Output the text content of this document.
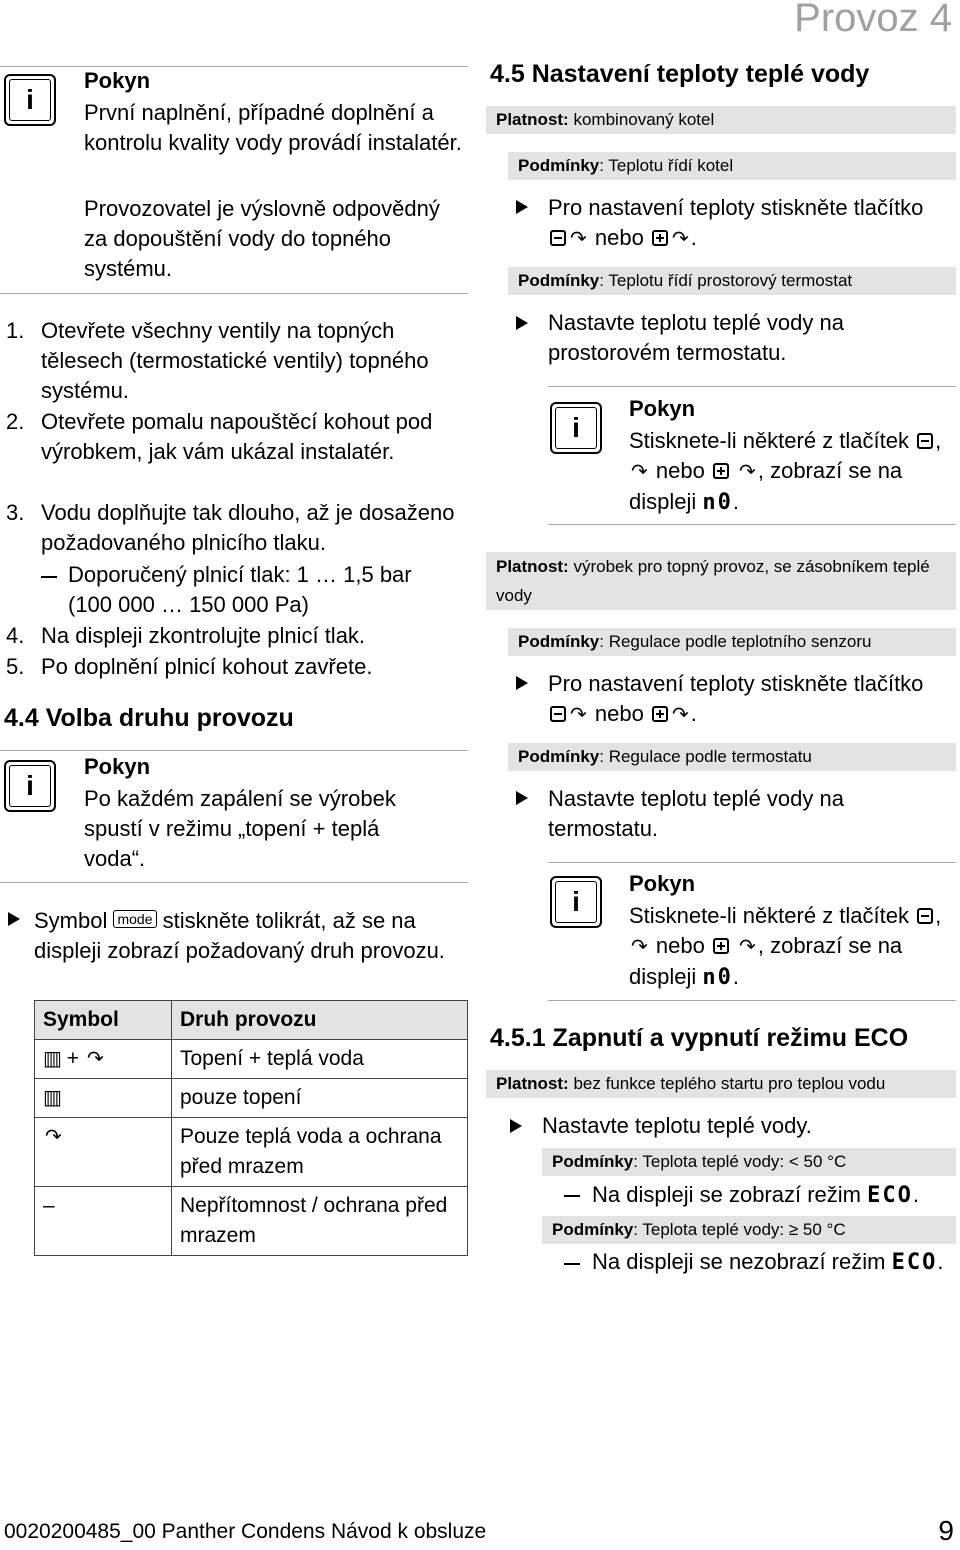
Provoz 4
i
Pokyn
První naplnění, případné doplnění a kontrolu kvality vody provádí instalatér.
Provozovatel je výslovně odpovědný za dopouštění vody do topného systému.
1. Otevřete všechny ventily na topných tělesech (termostatické ventily) topného systému.
2. Otevřete pomalu napouštěcí kohout pod výrobkem, jak vám ukázal instalatér.
3. Vodu doplňujte tak dlouho, až je dosaženo požadovaného plnicího tlaku.
Doporučený plnicí tlak: 1 … 1,5 bar (100 000 … 150 000 Pa)
4. Na displeji zkontrolujte plnicí tlak.
5. Po doplnění plnicí kohout zavřete.
4.4 Volba druhu provozu
i
Pokyn
Po každém zapálení se výrobek spustí v režimu „topení + teplá voda“.
Symbol mode stiskněte tolikrát, až se na displeji zobrazí požadovaný druh provozu.
Symbol	Druh provozu
▥ + ↶	Topení + teplá voda
▥	pouze topení
↶	Pouze teplá voda a ochrana před mrazem
–	Nepřítomnost / ochrana před mrazem
4.5 Nastavení teploty teplé vody
Platnost: kombinovaný kotel
Podmínky: Teplotu řídí kotel
Pro nastavení teploty stiskněte tlačítko ↶ nebo ↶.
Podmínky: Teplotu řídí prostorový termostat
Nastavte teplotu teplé vody na prostorovém termostatu.
i
Pokyn
Stisknete-li některé z tlačítek , ↶ nebo ↶, zobrazí se na displeji n0.
Platnost: výrobek pro topný provoz, se zásobníkem teplé vody
Podmínky: Regulace podle teplotního senzoru
Pro nastavení teploty stiskněte tlačítko ↶ nebo ↶.
Podmínky: Regulace podle termostatu
Nastavte teplotu teplé vody na termostatu.
i
Pokyn
Stisknete-li některé z tlačítek , ↶ nebo ↶, zobrazí se na displeji n0.
4.5.1 Zapnutí a vypnutí režimu ECO
Platnost: bez funkce teplého startu pro teplou vodu
Nastavte teplotu teplé vody.
Podmínky: Teplota teplé vody: < 50 °C
Na displeji se zobrazí režim ECO.
Podmínky: Teplota teplé vody: ≥ 50 °C
Na displeji se nezobrazí režim ECO.
0020200485_00 Panther Condens Návod k obsluze	9
